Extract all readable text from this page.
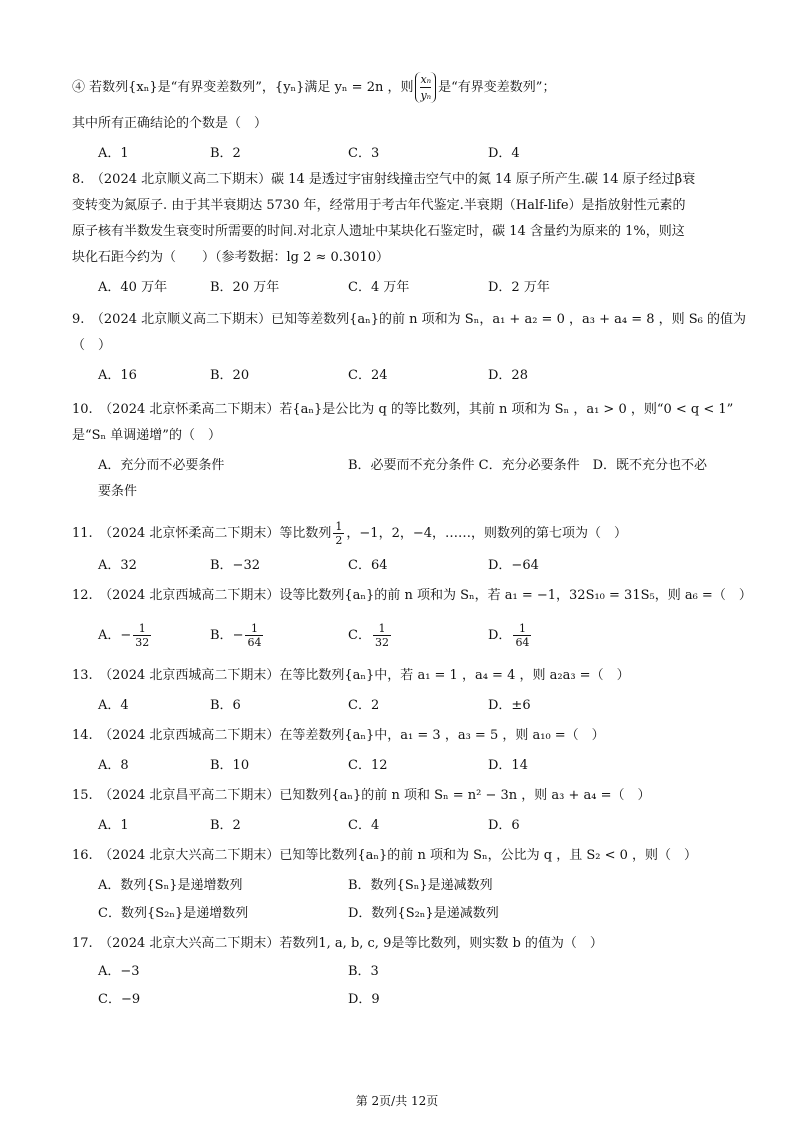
④ 若数列{xₙ}是“有界变差数列”，{yₙ}满足 yₙ = 2n ，则 $\frac{\text{xₙ}}{\text{yₙ}}$ 是“有界变差数列”；
其中所有正确结论的个数是（　）
A．1	B．2	C．3	D．4
8.　（2024 北京顺义高二下期末）碳 14 是透过宇宙射线撞击空气中的氮 14 原子所产生.碳 14 原子经过β衰
变转变为氮原子. 由于其半衰期达 5730 年，经常用于考古年代鉴定.半衰期（Half-life）是指放射性元素的
原子核有半数发生衰变时所需要的时间.对北京人遗址中某块化石鉴定时，碳 14 含量约为原来的 1%，则这
块化石距今约为（　　）（参考数据：lg 2 ≈ 0.3010）
A．40 万年	B．20 万年	C．4 万年	D．2 万年
9.　（2024 北京顺义高二下期末）已知等差数列{aₙ}的前 n 项和为 Sₙ，a₁ + a₂ = 0 ，a₃ + a₄ = 8 ，则 S₆ 的值为
（　）
A．16	B．20	C．24	D．28
10.　（2024 北京怀柔高二下期末）若{aₙ}是公比为 q 的等比数列，其前 n 项和为 Sₙ ，a₁ > 0 ，则“0 < q < 1”
是“Sₙ 单调递增”的（　）
A．充分而不必要条件	B．必要而不充分条件 C．充分必要条件　D．既不充分也不必
要条件
11.　（2024 北京怀柔高二下期末）等比数列 $\frac{1}{2}$ ，−1，2，−4，……，则数列的第七项为（　）
A．32	B．−32	C．64	D．−64
12.　（2024 北京西城高二下期末）设等比数列{aₙ}的前 n 项和为 Sₙ，若 a₁ = −1，32S₁₀ = 31S₅，则 a₆ =（　）
A．− $\frac{1}{32}$	B．− $\frac{1}{64}$	C． $\frac{1}{32}$	D． $\frac{1}{64}$
13.　（2024 北京西城高二下期末）在等比数列{aₙ}中，若 a₁ = 1 ，a₄ = 4 ，则 a₂a₃ =（　）
A．4	B．6	C．2	D．±6
14.　（2024 北京西城高二下期末）在等差数列{aₙ}中，a₁ = 3 ，a₃ = 5 ，则 a₁₀ =（　）
A．8	B．10	C．12	D．14
15.　（2024 北京昌平高二下期末）已知数列{aₙ}的前 n 项和 Sₙ = n² − 3n ，则 a₃ + a₄ =（　）
A．1	B．2	C．4	D．6
16.　（2024 北京大兴高二下期末）已知等比数列{aₙ}的前 n 项和为 Sₙ，公比为 q ，且 S₂ < 0 ，则（　）
A．数列{Sₙ}是递增数列	B．数列{Sₙ}是递减数列
C．数列{S₂ₙ}是递增数列	D．数列{S₂ₙ}是递减数列
17.　（2024 北京大兴高二下期末）若数列1, a, b, c, 9是等比数列，则实数 b 的值为（　）
A．−3	B．3
C．−9	D．9
第 2页/共 12页
